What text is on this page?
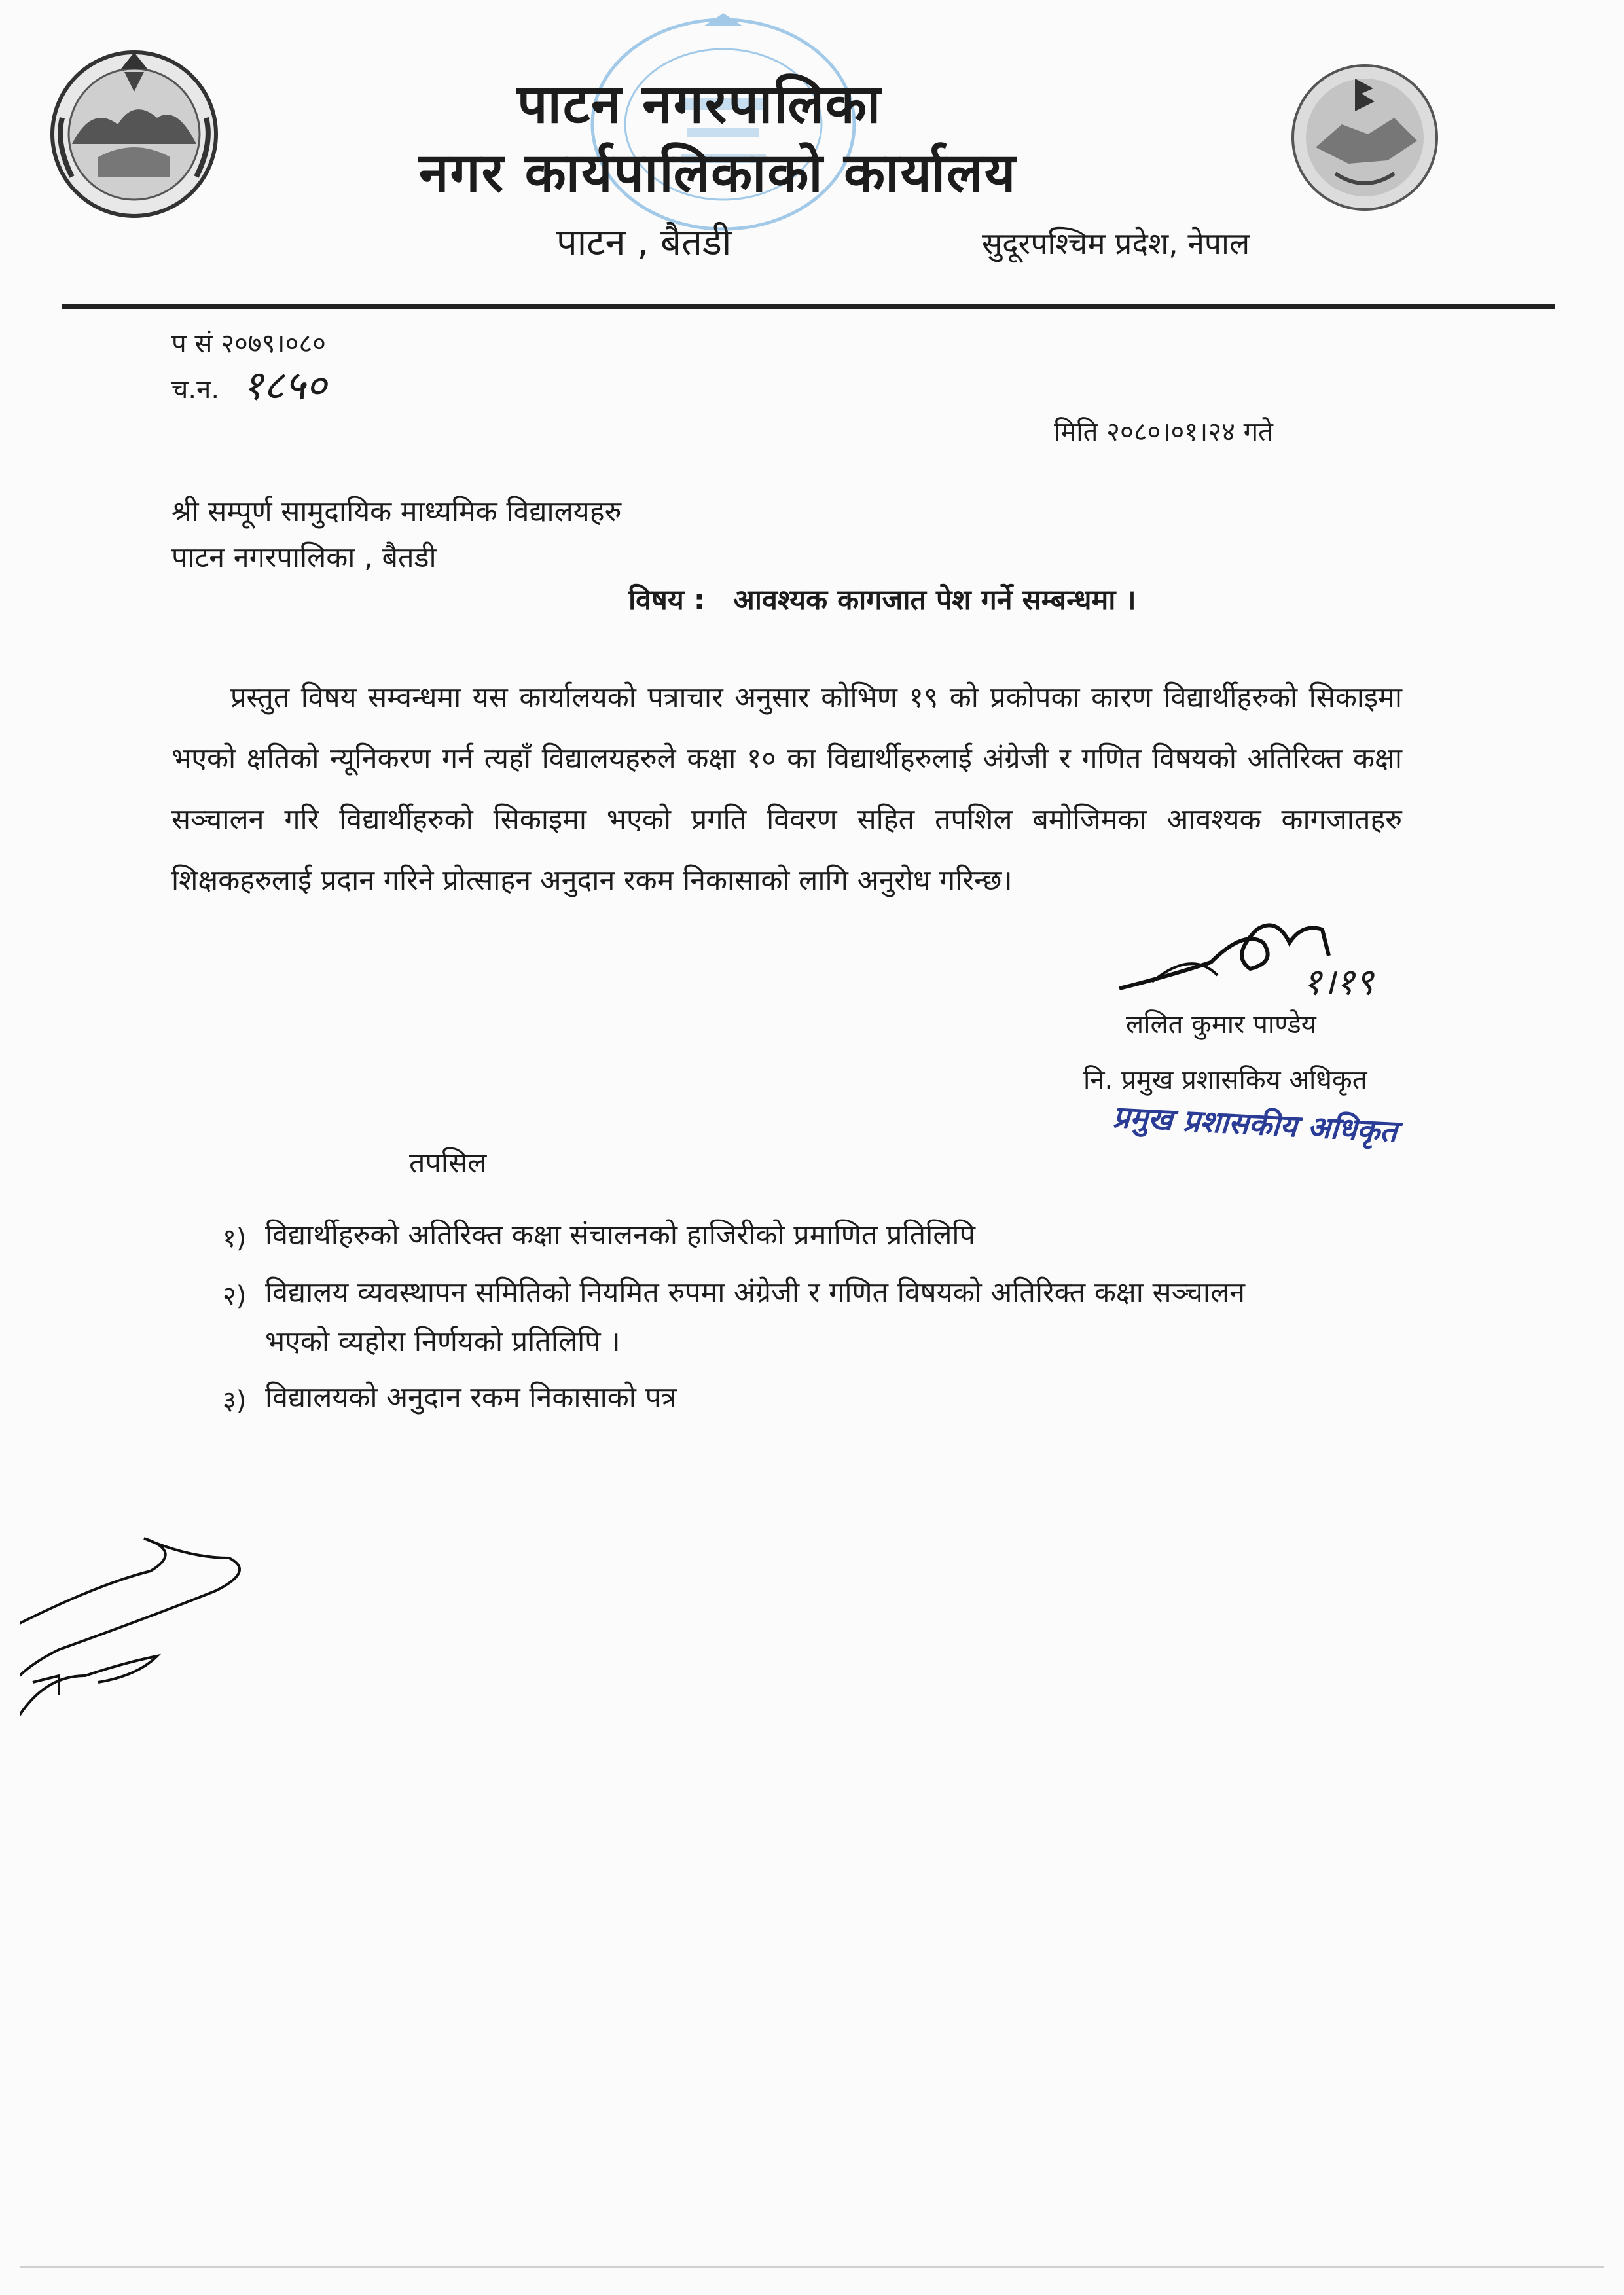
पाटन नगरपालिका
नगर कार्यपालिकाको कार्यालय
पाटन , बैतडी	सुदूरपश्चिम प्रदेश, नेपाल
प सं २०७९।०८०
च.न. १८५०
मिति २०८०।०१।२४ गते
श्री सम्पूर्ण सामुदायिक माध्यमिक विद्यालयहरु
पाटन नगरपालिका , बैतडी
विषय : आवश्यक कागजात पेश गर्ने सम्बन्धमा ।
प्रस्तुत विषय सम्वन्धमा यस कार्यालयको पत्राचार अनुसार कोभिण १९ को प्रकोपका कारण विद्यार्थीहरुको सिकाइमा भएको क्षतिको न्यूनिकरण गर्न त्यहाँ विद्यालयहरुले कक्षा १० का विद्यार्थीहरुलाई अंग्रेजी र गणित विषयको अतिरिक्त कक्षा सञ्चालन गरि विद्यार्थीहरुको सिकाइमा भएको प्रगति विवरण सहित तपशिल बमोजिमका आवश्यक कागजातहरु शिक्षकहरुलाई प्रदान गरिने प्रोत्साहन अनुदान रकम निकासाको लागि अनुरोध गरिन्छ।
१।१९
ललित कुमार पाण्डेय
नि. प्रमुख प्रशासकिय अधिकृत
प्रमुख प्रशासकीय अधिकृत
तपसिल
१) विद्यार्थीहरुको अतिरिक्त कक्षा संचालनको हाजिरीको प्रमाणित प्रतिलिपि
२) विद्यालय व्यवस्थापन समितिको नियमित रुपमा अंग्रेजी र गणित विषयको अतिरिक्त कक्षा सञ्चालन
भएको व्यहोरा निर्णयको प्रतिलिपि ।
३) विद्यालयको अनुदान रकम निकासाको पत्र
